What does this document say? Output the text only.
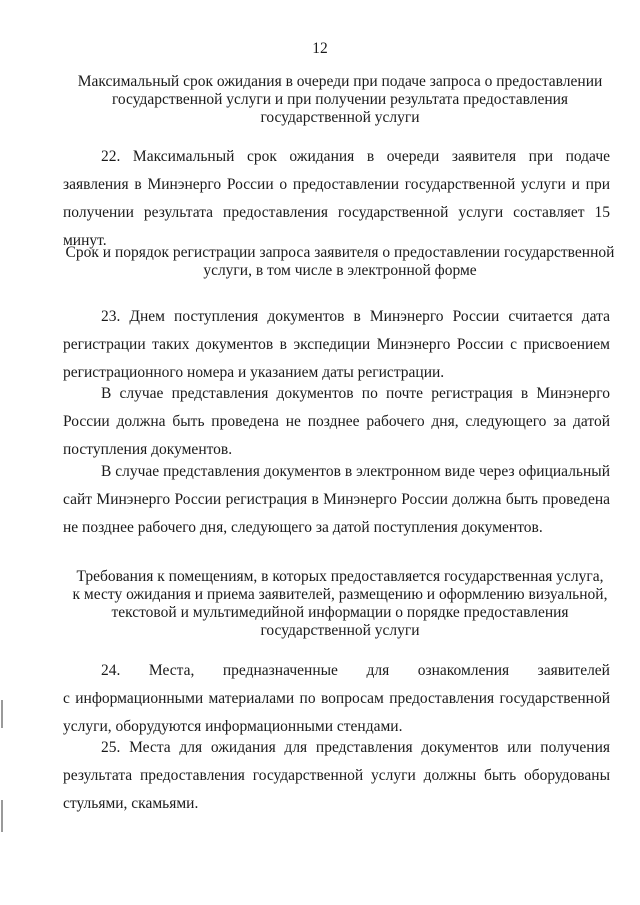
12
Максимальный срок ожидания в очереди при подаче запроса о предоставлении
государственной услуги и при получении результата предоставления
государственной услуги
22. Максимальный срок ожидания в очереди заявителя при подаче заявления в Минэнерго России о предоставлении государственной услуги и при получении результата предоставления государственной услуги составляет 15 минут.
Срок и порядок регистрации запроса заявителя о предоставлении государственной
услуги, в том числе в электронной форме
23. Днем поступления документов в Минэнерго России считается дата регистрации таких документов в экспедиции Минэнерго России с присвоением регистрационного номера и указанием даты регистрации.
В случае представления документов по почте регистрация в Минэнерго России должна быть проведена не позднее рабочего дня, следующего за датой поступления документов.
В случае представления документов в электронном виде через официальный сайт Минэнерго России регистрация в Минэнерго России должна быть проведена не позднее рабочего дня, следующего за датой поступления документов.
Требования к помещениям, в которых предоставляется государственная услуга,
к месту ожидания и приема заявителей, размещению и оформлению визуальной,
текстовой и мультимедийной информации о порядке предоставления
государственной услуги
24. Места, предназначенные для ознакомления заявителей
с информационными материалами по вопросам предоставления государственной услуги, оборудуются информационными стендами.
25. Места для ожидания для представления документов или получения результата предоставления государственной услуги должны быть оборудованы стульями, скамьями.
